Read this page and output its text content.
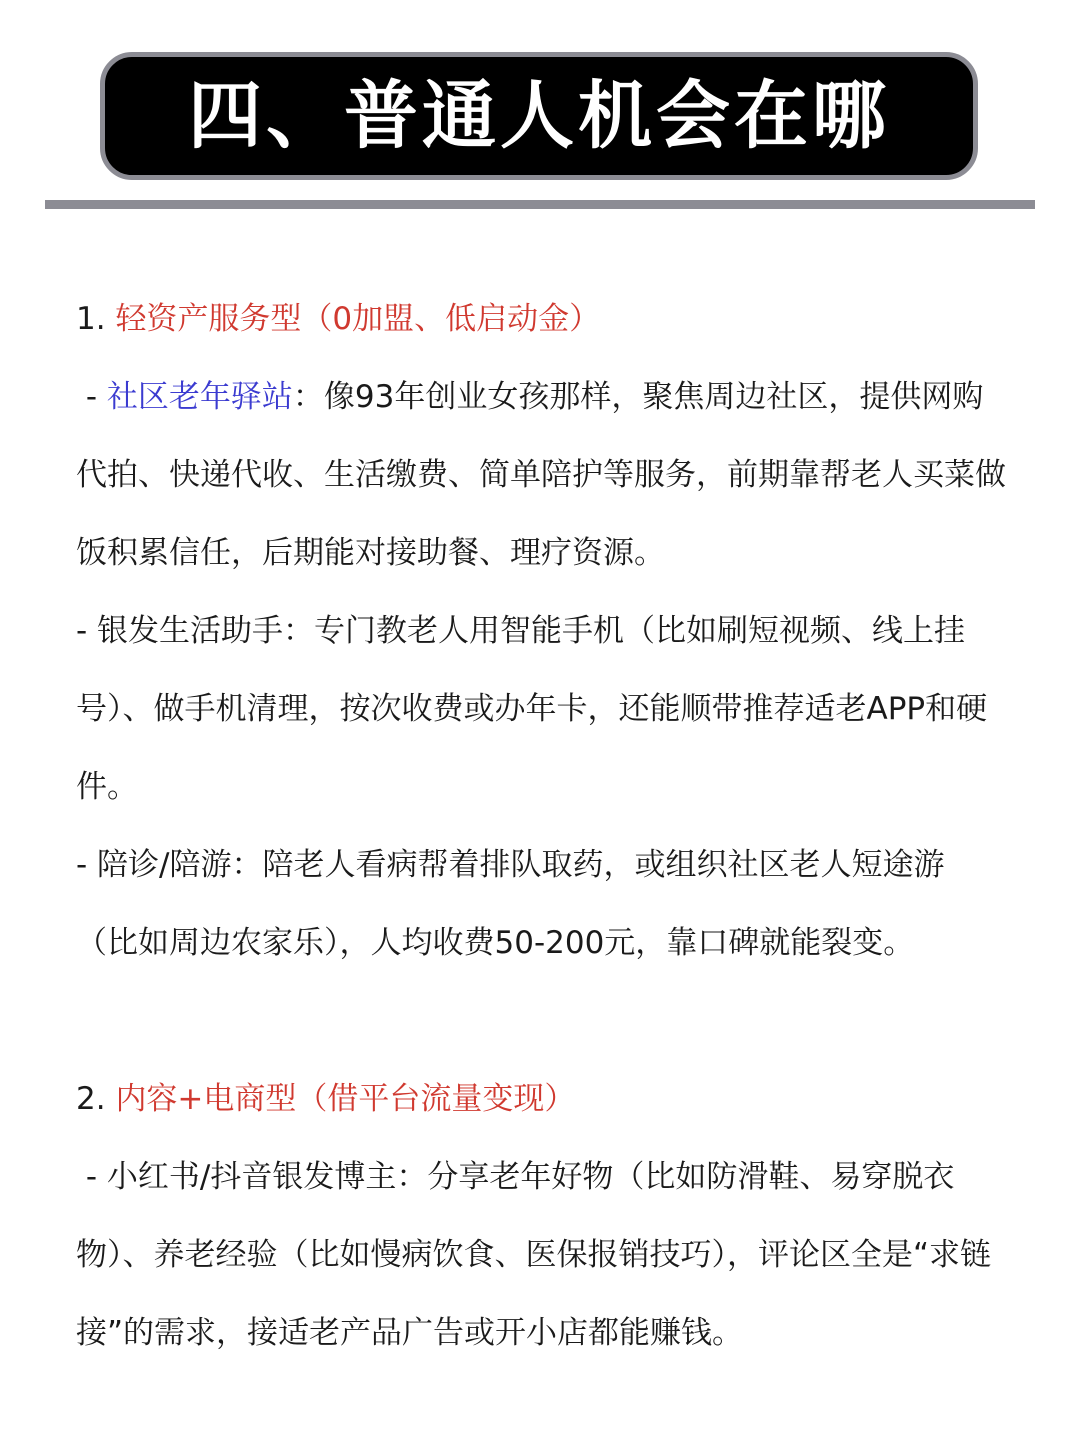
四、普通人机会在哪

1. 轻资产服务型（0加盟、低启动金）

- 社区老年驿站：像93年创业女孩那样，聚焦周边社区，提供网购代拍、快递代收、生活缴费、简单陪护等服务，前期靠帮老人买菜做饭积累信任，后期能对接助餐、理疗资源。

- 银发生活助手：专门教老人用智能手机（比如刷短视频、线上挂号）、做手机清理，按次收费或办年卡，还能顺带推荐适老APP和硬件。

- 陪诊/陪游：陪老人看病帮着排队取药，或组织社区老人短途游（比如周边农家乐），人均收费50-200元，靠口碑就能裂变。

2. 内容+电商型（借平台流量变现）

- 小红书/抖音银发博主：分享老年好物（比如防滑鞋、易穿脱衣物）、养老经验（比如慢病饮食、医保报销技巧），评论区全是“求链接”的需求，接适老产品广告或开小店都能赚钱。
